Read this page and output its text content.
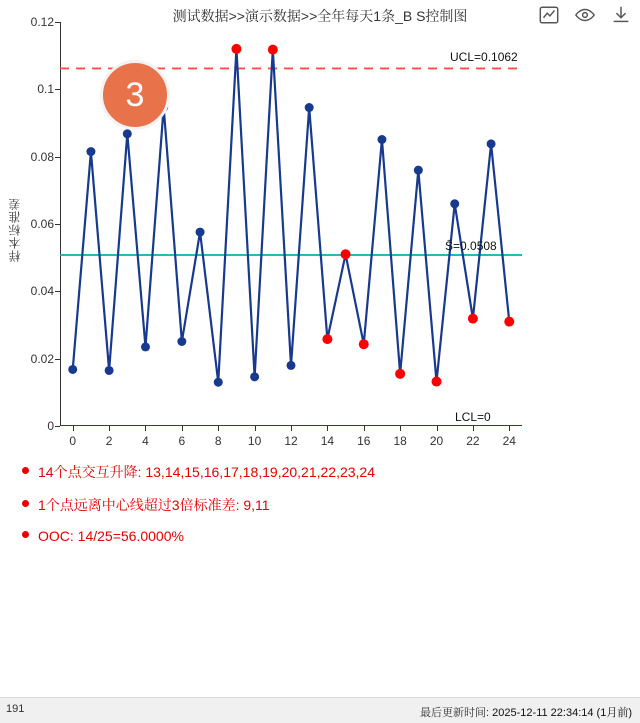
测试数据>>演示数据>>全年每天1条_B S控制图
样本标准差
0
0.02
0.04
0.06
0.08
0.1
0.12
0 2 4 6 8 10 12 14 16 18 20 22 24
UCL=0.1062
S̄=0.0508
LCL=0
3
14个点交互升降: 13,14,15,16,17,18,19,20,21,22,23,24
1个点远离中心线超过3倍标准差: 9,11
OOC: 14/25=56.0000%
191	最后更新时间: 2025-12-11 22:34:14 (1月前)
